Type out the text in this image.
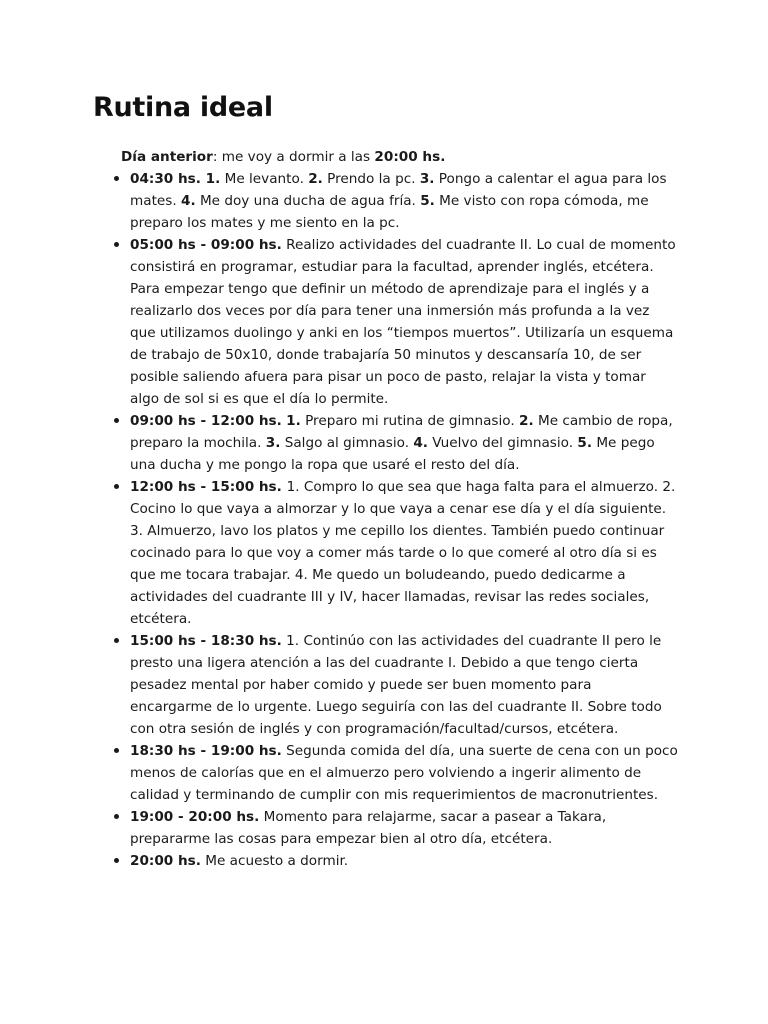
Rutina ideal

Día anterior: me voy a dormir a las 20:00 hs.

04:30 hs. 1. Me levanto. 2. Prendo la pc. 3. Pongo a calentar el agua para los
mates. 4. Me doy una ducha de agua fría. 5. Me visto con ropa cómoda, me
preparo los mates y me siento en la pc.
05:00 hs - 09:00 hs. Realizo actividades del cuadrante II. Lo cual de momento
consistirá en programar, estudiar para la facultad, aprender inglés, etcétera.
Para empezar tengo que definir un método de aprendizaje para el inglés y a
realizarlo dos veces por día para tener una inmersión más profunda a la vez
que utilizamos duolingo y anki en los “tiempos muertos”. Utilizaría un esquema
de trabajo de 50x10, donde trabajaría 50 minutos y descansaría 10, de ser
posible saliendo afuera para pisar un poco de pasto, relajar la vista y tomar
algo de sol si es que el día lo permite.
09:00 hs - 12:00 hs. 1. Preparo mi rutina de gimnasio. 2. Me cambio de ropa,
preparo la mochila. 3. Salgo al gimnasio. 4. Vuelvo del gimnasio. 5. Me pego
una ducha y me pongo la ropa que usaré el resto del día.
12:00 hs - 15:00 hs. 1. Compro lo que sea que haga falta para el almuerzo. 2.
Cocino lo que vaya a almorzar y lo que vaya a cenar ese día y el día siguiente.
3. Almuerzo, lavo los platos y me cepillo los dientes. También puedo continuar
cocinado para lo que voy a comer más tarde o lo que comeré al otro día si es
que me tocara trabajar. 4. Me quedo un boludeando, puedo dedicarme a
actividades del cuadrante III y IV, hacer llamadas, revisar las redes sociales,
etcétera.
15:00 hs - 18:30 hs. 1. Continúo con las actividades del cuadrante II pero le
presto una ligera atención a las del cuadrante I. Debido a que tengo cierta
pesadez mental por haber comido y puede ser buen momento para
encargarme de lo urgente. Luego seguiría con las del cuadrante II. Sobre todo
con otra sesión de inglés y con programación/facultad/cursos, etcétera.
18:30 hs - 19:00 hs. Segunda comida del día, una suerte de cena con un poco
menos de calorías que en el almuerzo pero volviendo a ingerir alimento de
calidad y terminando de cumplir con mis requerimientos de macronutrientes.
19:00 - 20:00 hs. Momento para relajarme, sacar a pasear a Takara,
prepararme las cosas para empezar bien al otro día, etcétera.
20:00 hs. Me acuesto a dormir.
